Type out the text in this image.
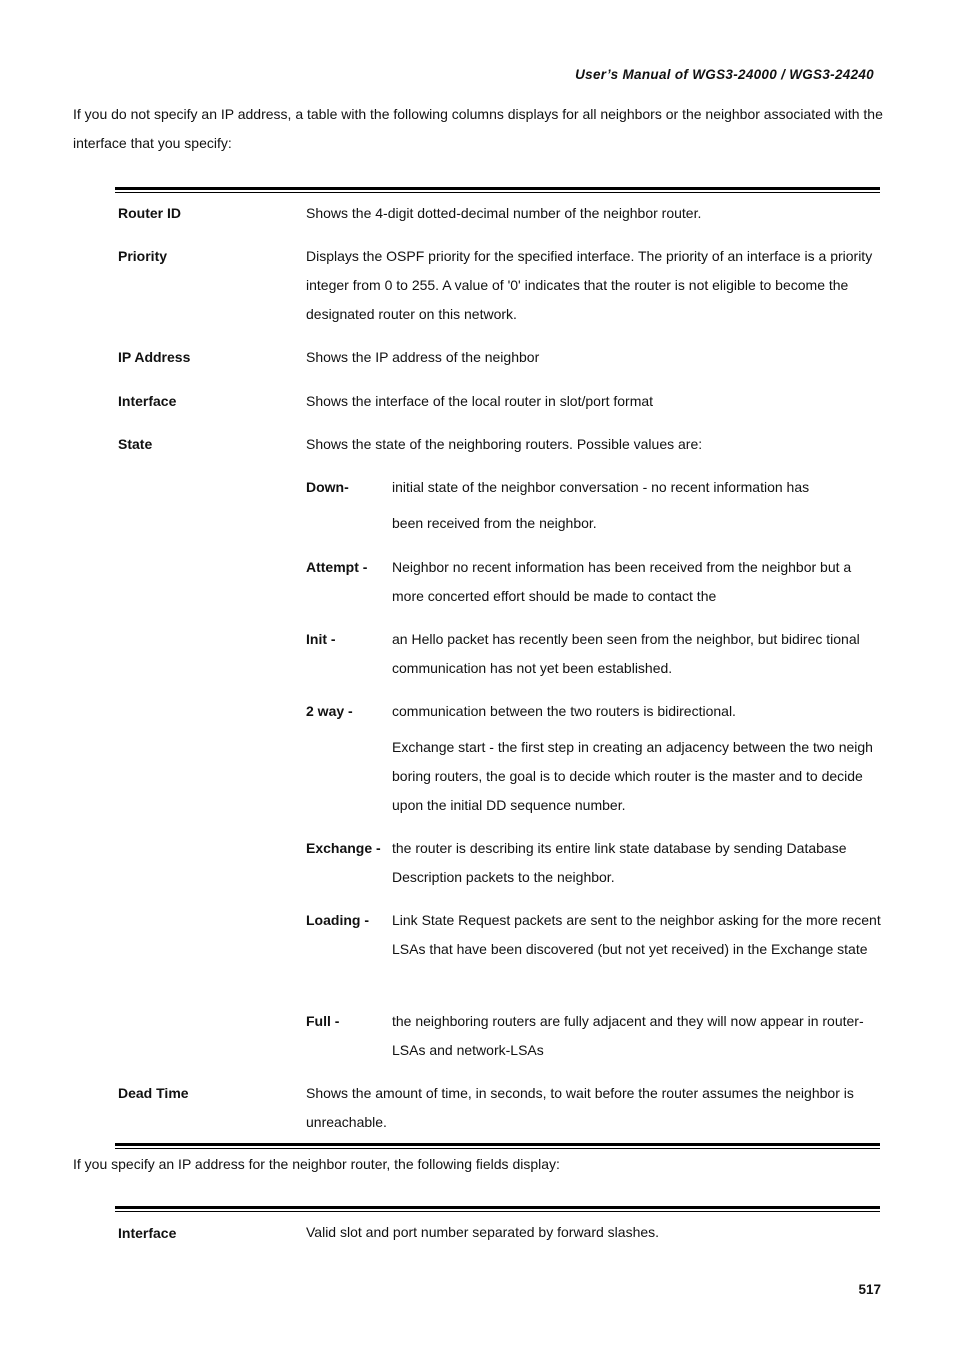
User’s Manual of WGS3-24000 / WGS3-24240
If you do not specify an IP address, a table with the following columns displays for all neighbors or the neighbor associated with the interface that you specify:
Router ID	Shows the 4-digit dotted-decimal number of the neighbor router.
Priority	Displays the OSPF priority for the specified interface. The priority of an interface is a priority integer from 0 to 255. A value of '0' indicates that the router is not eligible to become the designated router on this network.
IP Address	Shows the IP address of the neighbor
Interface	Shows the interface of the local router in slot/port format
State	Shows the state of the neighboring routers. Possible values are:
Down-	initial state of the neighbor conversation - no recent information has
been received from the neighbor.
Attempt - Neighbor no recent information has been received from the neighbor but a more concerted effort should be made to contact the
Init -	an Hello packet has recently been seen from the neighbor, but bidirec tional communication has not yet been established.
2 way -	communication between the two routers is bidirectional.
Exchange start - the first step in creating an adjacency between the two neigh boring routers, the goal is to decide which router is the master and to decide upon the initial DD sequence number.
Exchange - the router is describing its entire link state database by sending Database Description packets to the neighbor.
Loading - Link State Request packets are sent to the neighbor asking for the more recent LSAs that have been discovered (but not yet received) in the Exchange state
Full -	the neighboring routers are fully adjacent and they will now appear in router-LSAs and network-LSAs
Dead Time	Shows the amount of time, in seconds, to wait before the router assumes the neighbor is unreachable.
If you specify an IP address for the neighbor router, the following fields display:
Interface	Valid slot and port number separated by forward slashes.
517
